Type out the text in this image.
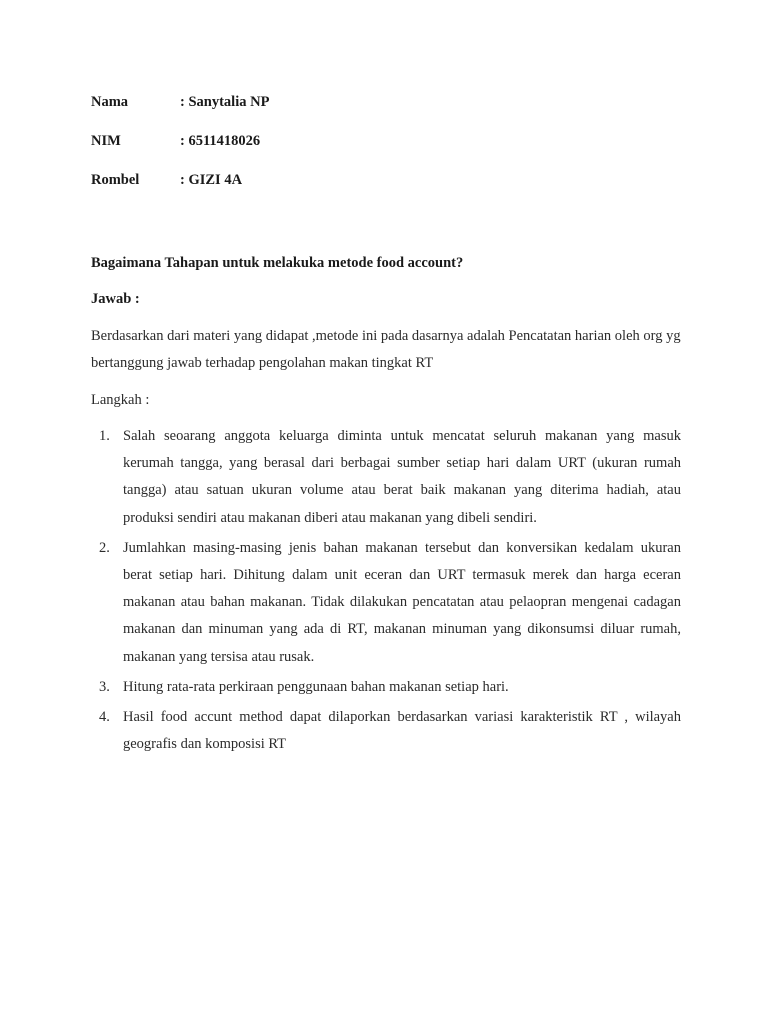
Nama	: Sanytalia NP
NIM	: 6511418026
Rombel	: GIZI 4A
Bagaimana Tahapan untuk melakuka metode food account?
Jawab :
Berdasarkan dari materi yang didapat ,metode ini pada dasarnya adalah Pencatatan harian oleh org yg bertanggung jawab terhadap pengolahan makan tingkat RT
Langkah :
1. Salah seoarang anggota keluarga diminta untuk mencatat seluruh makanan yang masuk kerumah tangga, yang berasal dari berbagai sumber setiap hari dalam URT (ukuran rumah tangga) atau satuan ukuran volume atau berat baik makanan yang diterima hadiah, atau produksi sendiri atau makanan diberi atau makanan yang dibeli sendiri.
2. Jumlahkan masing-masing jenis bahan makanan tersebut dan konversikan kedalam ukuran berat setiap hari. Dihitung dalam unit eceran dan URT termasuk merek dan harga eceran makanan atau bahan makanan. Tidak dilakukan pencatatan atau pelaopran mengenai cadagan makanan dan minuman yang ada di RT, makanan minuman yang dikonsumsi diluar rumah, makanan yang tersisa atau rusak.
3. Hitung rata-rata perkiraan penggunaan bahan makanan setiap hari.
4. Hasil food accunt method dapat dilaporkan berdasarkan variasi karakteristik RT , wilayah geografis dan komposisi RT
